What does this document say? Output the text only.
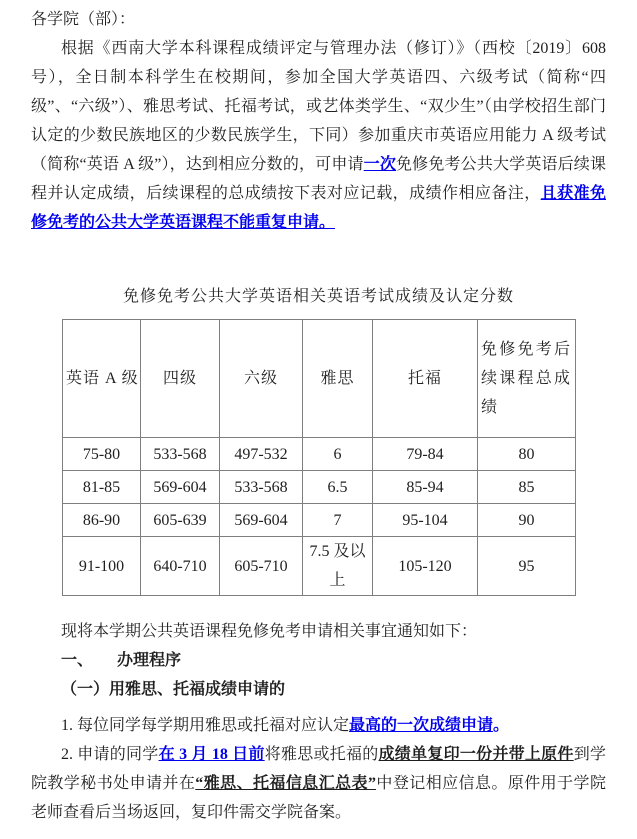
各学院（部）：

根据《西南大学本科课程成绩评定与管理办法（修订）》（西校〔2019〕608 号），全日制本科学生在校期间，参加全国大学英语四、六级考试（简称“四级”、“六级”）、雅思考试、托福考试，或艺体类学生、“双少生”（由学校招生部门认定的少数民族地区的少数民族学生，下同）参加重庆市英语应用能力 A 级考试（简称“英语 A 级”），达到相应分数的，可申请一次免修免考公共大学英语后续课程并认定成绩，后续课程的总成绩按下表对应记载，成绩作相应备注，且获准免修免考的公共大学英语课程不能重复申请。

免修免考公共大学英语相关英语考试成绩及认定分数

英语 A 级	四级	六级	雅思	托福	免修免考后续课程总成绩
75-80	533-568	497-532	6	79-84	80
81-85	569-604	533-568	6.5	85-94	85
86-90	605-639	569-604	7	95-104	90
91-100	640-710	605-710	7.5 及以上	105-120	95

现将本学期公共英语课程免修免考申请相关事宜通知如下：

一、 办理程序

（一）用雅思、托福成绩申请的

1. 每位同学每学期用雅思或托福对应认定最高的一次成绩申请。

2. 申请的同学在 3 月 18 日前将雅思或托福的成绩单复印一份并带上原件到学院教学秘书处申请并在“雅思、托福信息汇总表”中登记相应信息。原件用于学院老师查看后当场返回，复印件需交学院备案。
